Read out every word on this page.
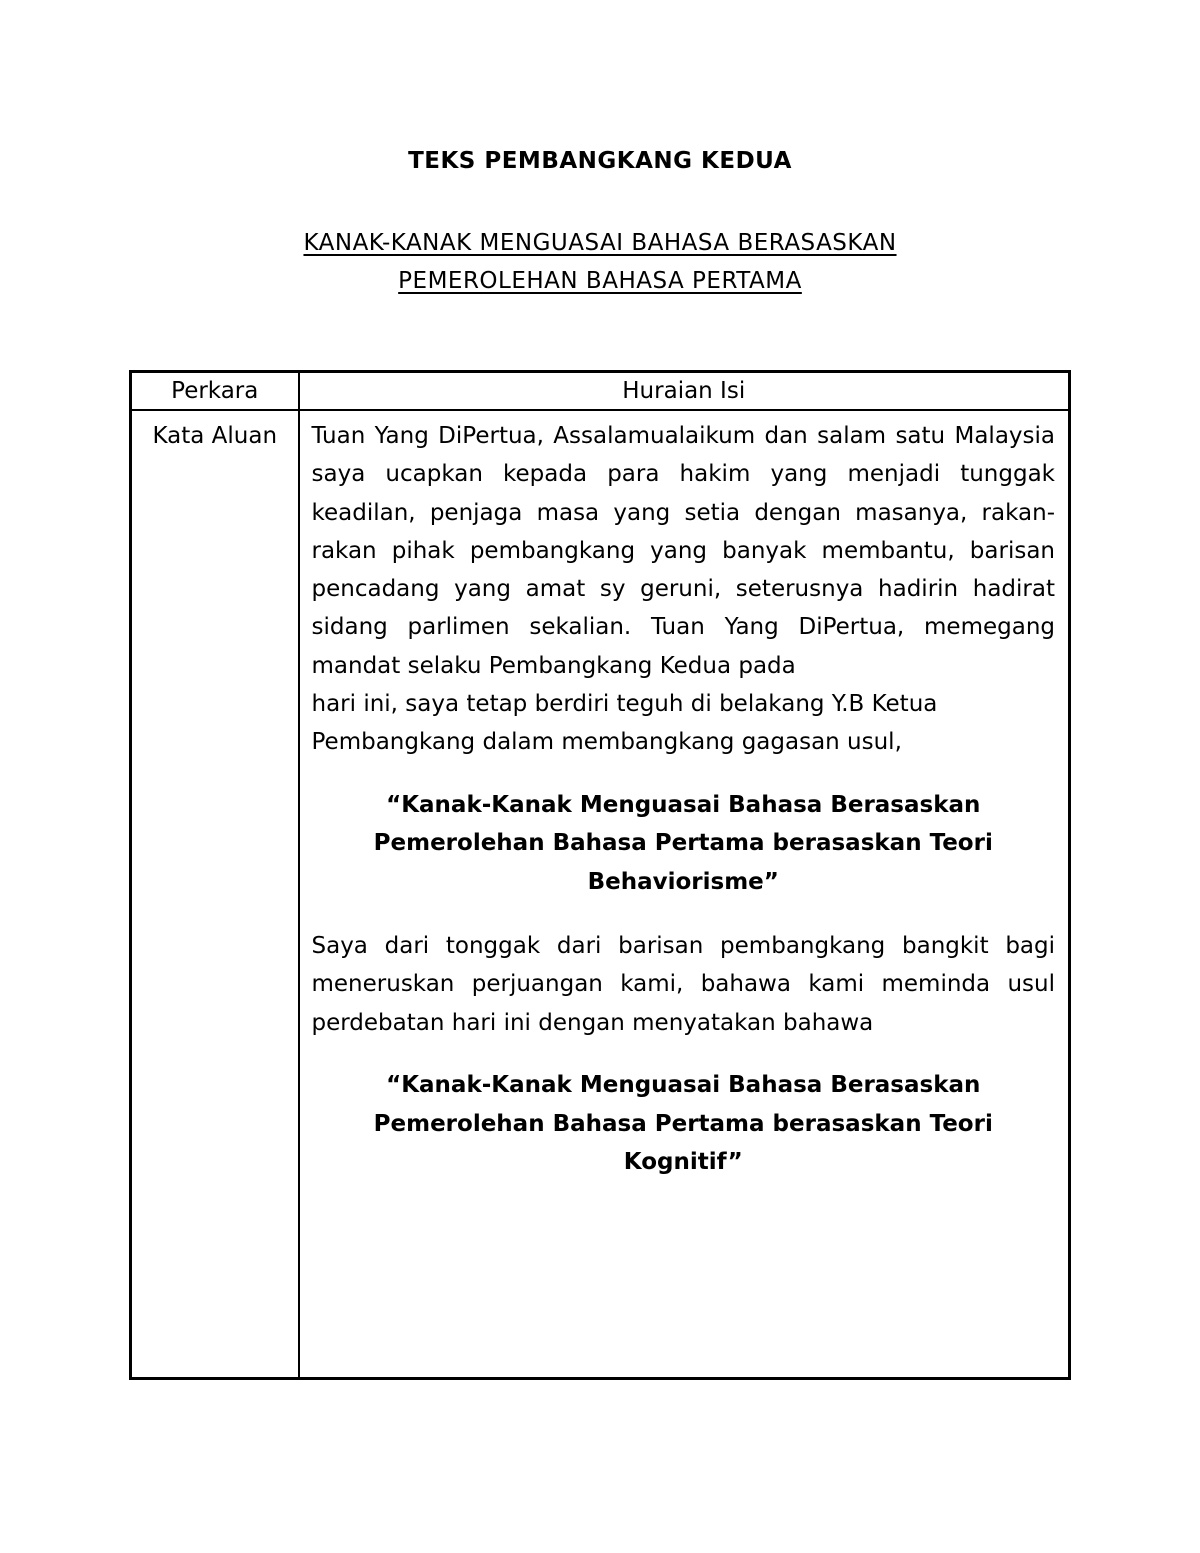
TEKS PEMBANGKANG KEDUA
KANAK-KANAK MENGUASAI BAHASA BERASASKAN
PEMEROLEHAN BAHASA PERTAMA
Perkara	Huraian Isi
Kata Aluan	Tuan Yang DiPertua, Assalamualaikum dan salam satu Malaysia saya ucapkan kepada para hakim yang menjadi tunggak keadilan, penjaga masa yang setia dengan masanya, rakan-rakan pihak pembangkang yang banyak membantu, barisan pencadang yang amat sy geruni, seterusnya hadirin hadirat sidang parlimen sekalian. Tuan Yang DiPertua, memegang mandat selaku Pembangkang Kedua pada

hari ini, saya tetap berdiri teguh di belakang Y.B Ketua Pembangkang dalam membangkang gagasan usul,

“Kanak-Kanak Menguasai Bahasa Berasaskan Pemerolehan Bahasa Pertama berasaskan Teori Behaviorisme”

Saya dari tonggak dari barisan pembangkang bangkit bagi meneruskan perjuangan kami, bahawa kami meminda usul perdebatan hari ini dengan menyatakan bahawa

“Kanak-Kanak Menguasai Bahasa Berasaskan Pemerolehan Bahasa Pertama berasaskan Teori Kognitif”
